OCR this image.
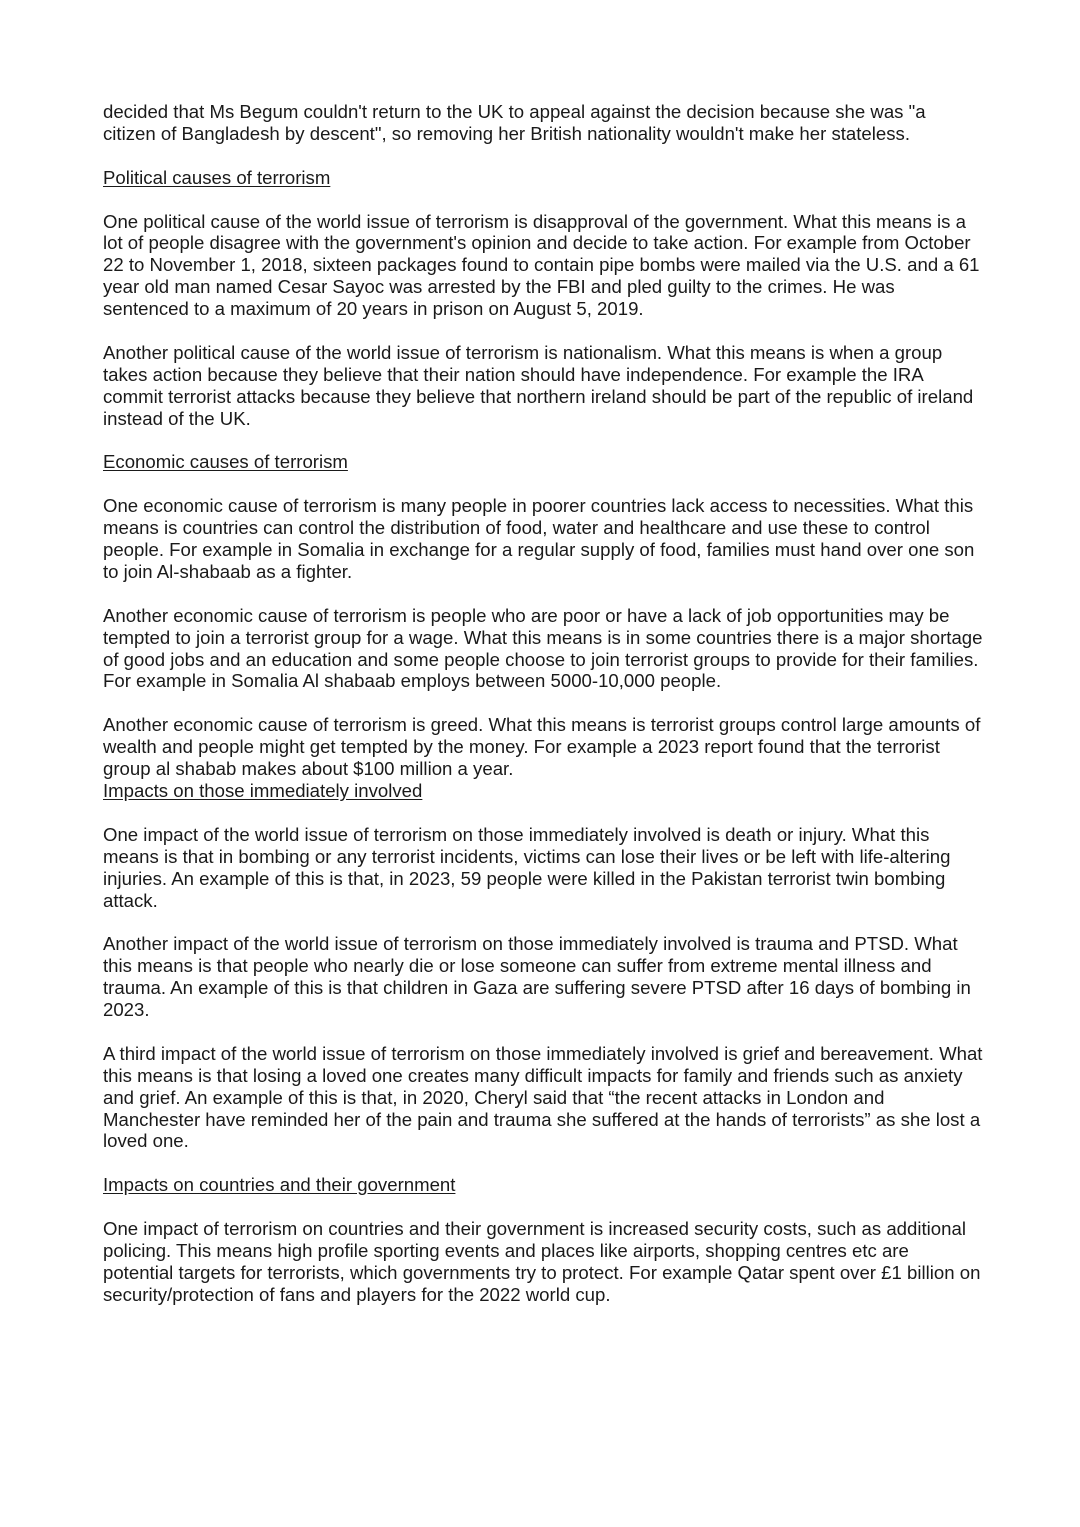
decided that Ms Begum couldn't return to the UK to appeal against the decision because she was "a citizen of Bangladesh by descent", so removing her British nationality wouldn't make her stateless.

Political causes of terrorism

One political cause of the world issue of terrorism is disapproval of the government. What this means is a lot of people disagree with the government's opinion and decide to take action. For example from October 22 to November 1, 2018, sixteen packages found to contain pipe bombs were mailed via the U.S. and a 61 year old man named Cesar Sayoc was arrested by the FBI and pled guilty to the crimes. He was sentenced to a maximum of 20 years in prison on August 5, 2019.

Another political cause of the world issue of terrorism is nationalism. What this means is when a group takes action because they believe that their nation should have independence. For example the IRA commit terrorist attacks because they believe that northern ireland should be part of the republic of ireland instead of the UK.

Economic causes of terrorism

One economic cause of terrorism is many people in poorer countries lack access to necessities. What this means is countries can control the distribution of food, water and healthcare and use these to control people. For example in Somalia in exchange for a regular supply of food, families must hand over one son to join Al-shabaab as a fighter.

Another economic cause of terrorism is people who are poor or have a lack of job opportunities may be tempted to join a terrorist group for a wage. What this means is in some countries there is a major shortage of good jobs and an education and some people choose to join terrorist groups to provide for their families. For example in Somalia Al shabaab employs between 5000-10,000 people.

Another economic cause of terrorism is greed. What this means is terrorist groups control large amounts of wealth and people might get tempted by the money. For example a 2023 report found that the terrorist group al shabab makes about $100 million a year.

Impacts on those immediately involved

One impact of the world issue of terrorism on those immediately involved is death or injury. What this means is that in bombing or any terrorist incidents, victims can lose their lives or be left with life-altering injuries. An example of this is that, in 2023, 59 people were killed in the Pakistan terrorist twin bombing attack.

Another impact of the world issue of terrorism on those immediately involved is trauma and PTSD. What this means is that people who nearly die or lose someone can suffer from extreme mental illness and trauma. An example of this is that children in Gaza are suffering severe PTSD after 16 days of bombing in 2023.

A third impact of the world issue of terrorism on those immediately involved is grief and bereavement. What this means is that losing a loved one creates many difficult impacts for family and friends such as anxiety and grief. An example of this is that, in 2020, Cheryl said that “the recent attacks in London and Manchester have reminded her of the pain and trauma she suffered at the hands of terrorists” as she lost a loved one.

Impacts on countries and their government

One impact of terrorism on countries and their government is increased security costs, such as additional policing. This means high profile sporting events and places like airports, shopping centres etc are potential targets for terrorists, which governments try to protect. For example Qatar spent over £1 billion on security/protection of fans and players for the 2022 world cup.
